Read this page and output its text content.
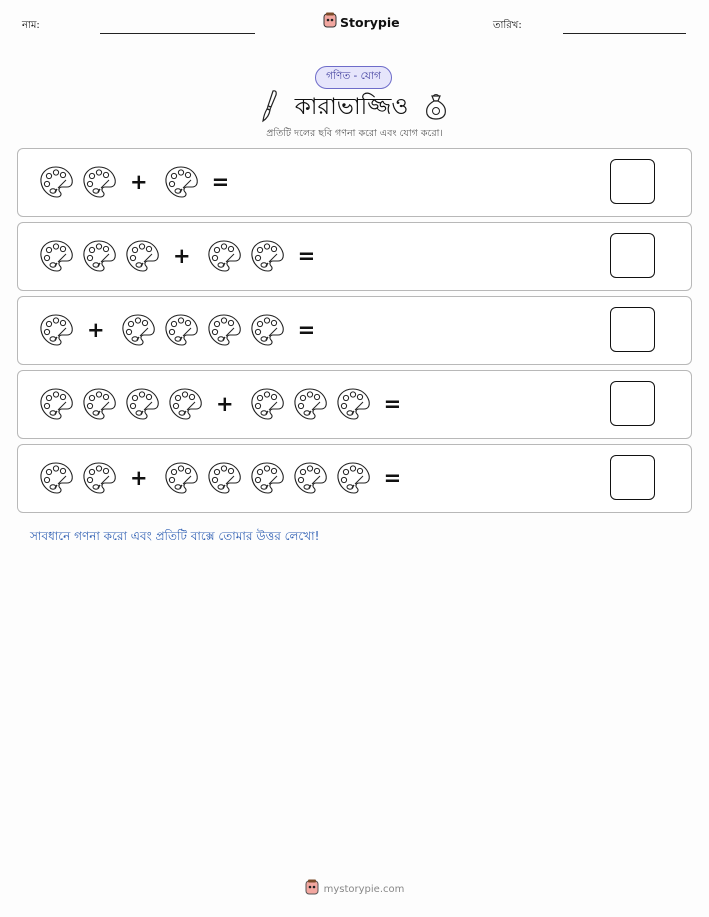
নাম:	Storypie	তারিখ:
গণিত - যোগ
কারাভাজ্জিও
প্রতিটি দলের ছবি গণনা করো এবং যোগ করো।
+	=
+	=
+	=
+	=
+	=
সাবধানে গণনা করো এবং প্রতিটি বাক্সে তোমার উত্তর লেখো!
mystorypie.com
